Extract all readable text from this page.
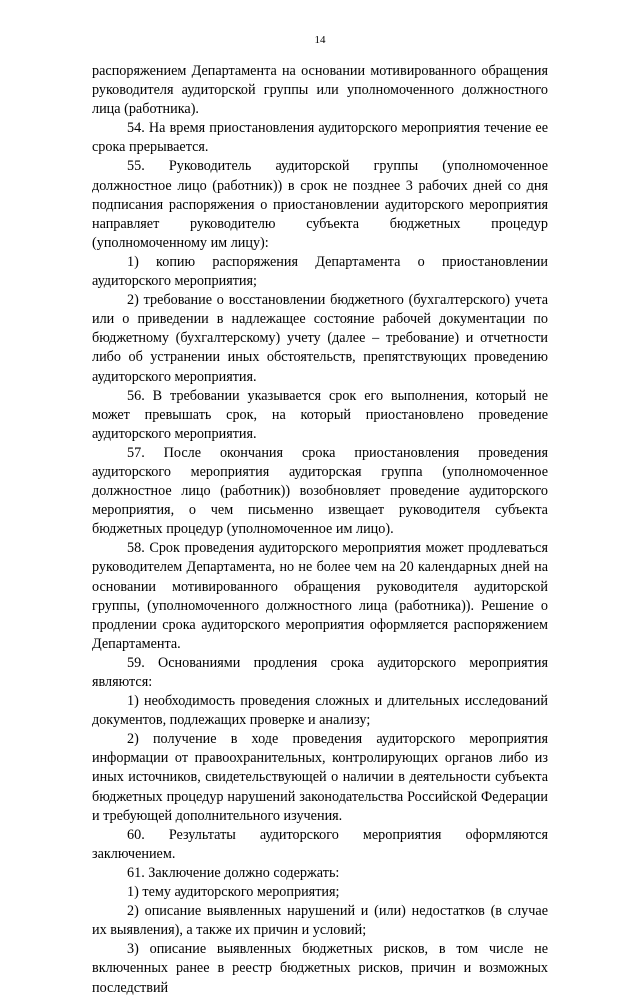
14

распоряжением Департамента на основании мотивированного обращения руководителя аудиторской группы или уполномоченного должностного лица (работника).

54. На время приостановления аудиторского мероприятия течение ее срока прерывается.

55. Руководитель аудиторской группы (уполномоченное должностное лицо (работник)) в срок не позднее 3 рабочих дней со дня подписания распоряжения о приостановлении аудиторского мероприятия направляет руководителю субъекта бюджетных процедур (уполномоченному им лицу):

1) копию распоряжения Департамента о приостановлении аудиторского мероприятия;

2) требование о восстановлении бюджетного (бухгалтерского) учета или о приведении в надлежащее состояние рабочей документации по бюджетному (бухгалтерскому) учету (далее – требование) и отчетности либо об устранении иных обстоятельств, препятствующих проведению аудиторского мероприятия.

56. В требовании указывается срок его выполнения, который не может превышать срок, на который приостановлено проведение аудиторского мероприятия.

57. После окончания срока приостановления проведения аудиторского мероприятия аудиторская группа (уполномоченное должностное лицо (работник)) возобновляет проведение аудиторского мероприятия, о чем письменно извещает руководителя субъекта бюджетных процедур (уполномоченное им лицо).

58. Срок проведения аудиторского мероприятия может продлеваться руководителем Департамента, но не более чем на 20 календарных дней на основании мотивированного обращения руководителя аудиторской группы, (уполномоченного должностного лица (работника)). Решение о продлении срока аудиторского мероприятия оформляется распоряжением Департамента.

59. Основаниями продления срока аудиторского мероприятия являются:

1) необходимость проведения сложных и длительных исследований документов, подлежащих проверке и анализу;

2) получение в ходе проведения аудиторского мероприятия информации от правоохранительных, контролирующих органов либо из иных источников, свидетельствующей о наличии в деятельности субъекта бюджетных процедур нарушений законодательства Российской Федерации и требующей дополнительного изучения.

60. Результаты аудиторского мероприятия оформляются заключением.

61. Заключение должно содержать:

1) тему аудиторского мероприятия;

2) описание выявленных нарушений и (или) недостатков (в случае их выявления), а также их причин и условий;

3) описание выявленных бюджетных рисков, в том числе не включенных ранее в реестр бюджетных рисков, причин и возможных последствий
